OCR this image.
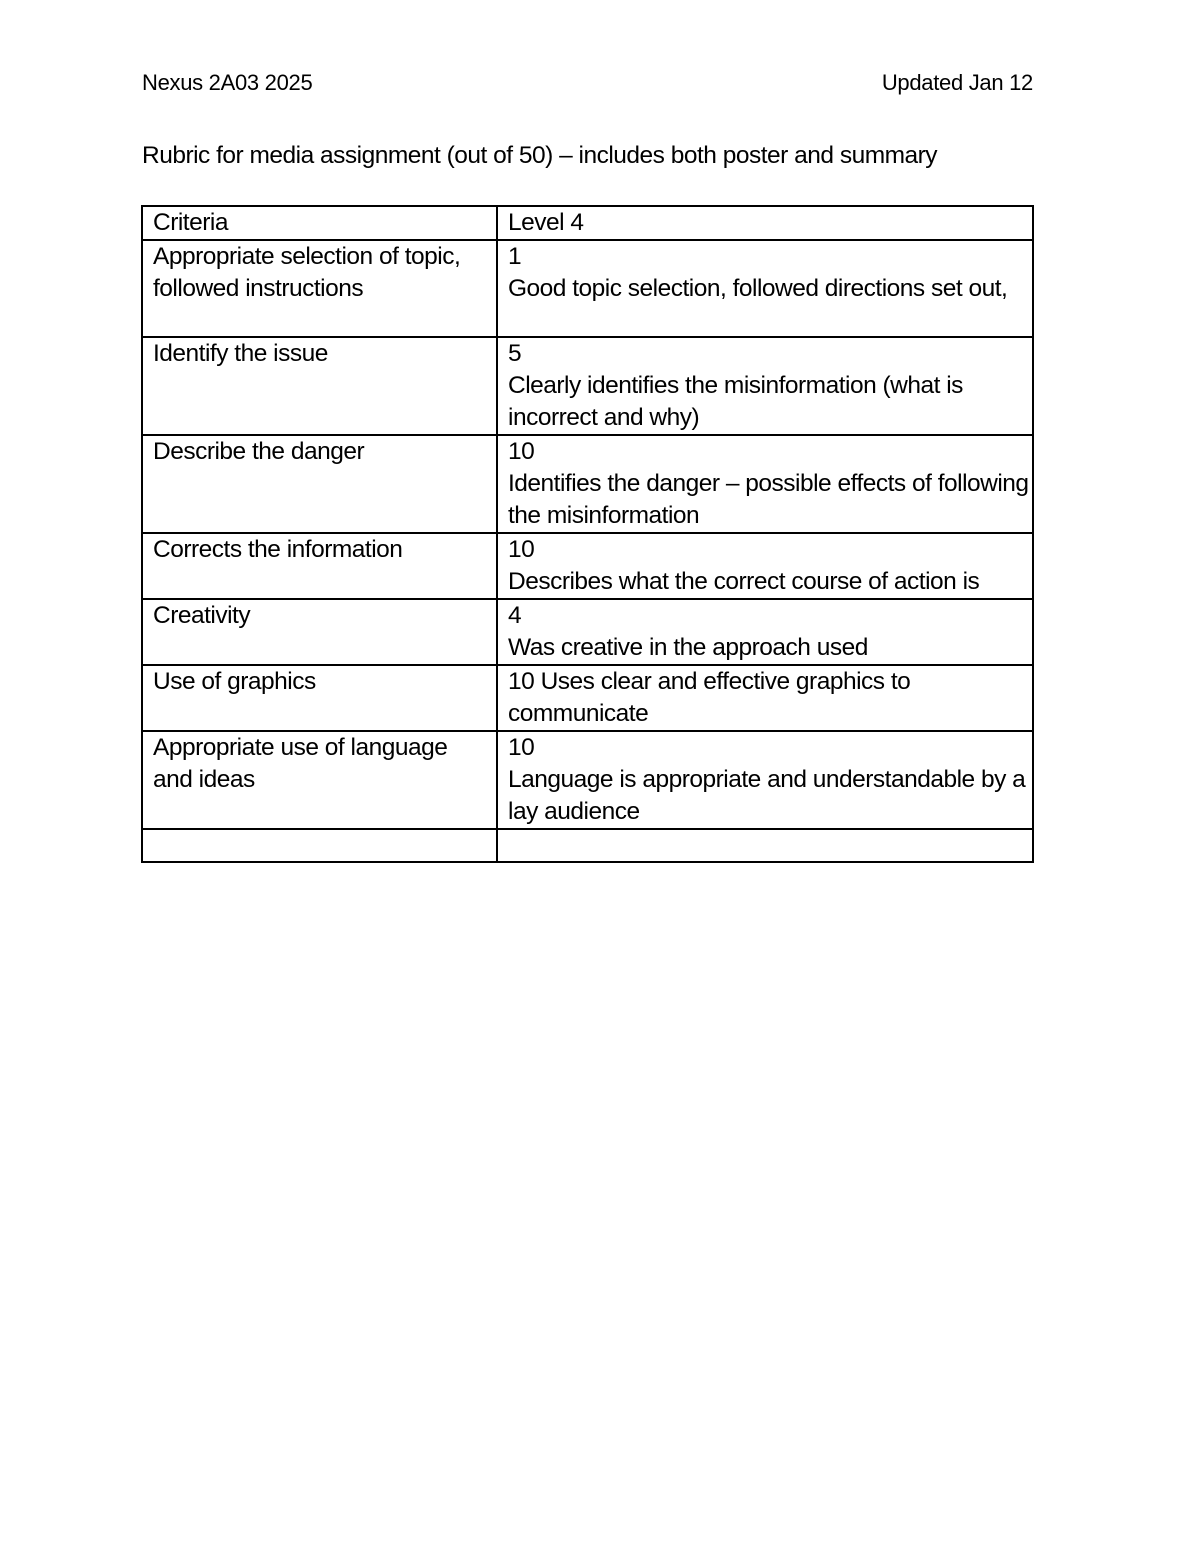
Nexus 2A03 2025	Updated Jan 12
Rubric for media assignment (out of 50) – includes both poster and summary
Criteria	Level 4
Appropriate selection of topic, followed instructions	1
Good topic selection, followed directions set out,

Identify the issue	5
Clearly identifies the misinformation (what is incorrect and why)

Describe the danger	10
Identifies the danger – possible effects of following the misinformation

Corrects the information	10
Describes what the correct course of action is

Creativity	4
Was creative in the approach used

Use of graphics	10 Uses clear and effective graphics to communicate
Appropriate use of language and ideas	10
Language is appropriate and understandable by a lay audience
